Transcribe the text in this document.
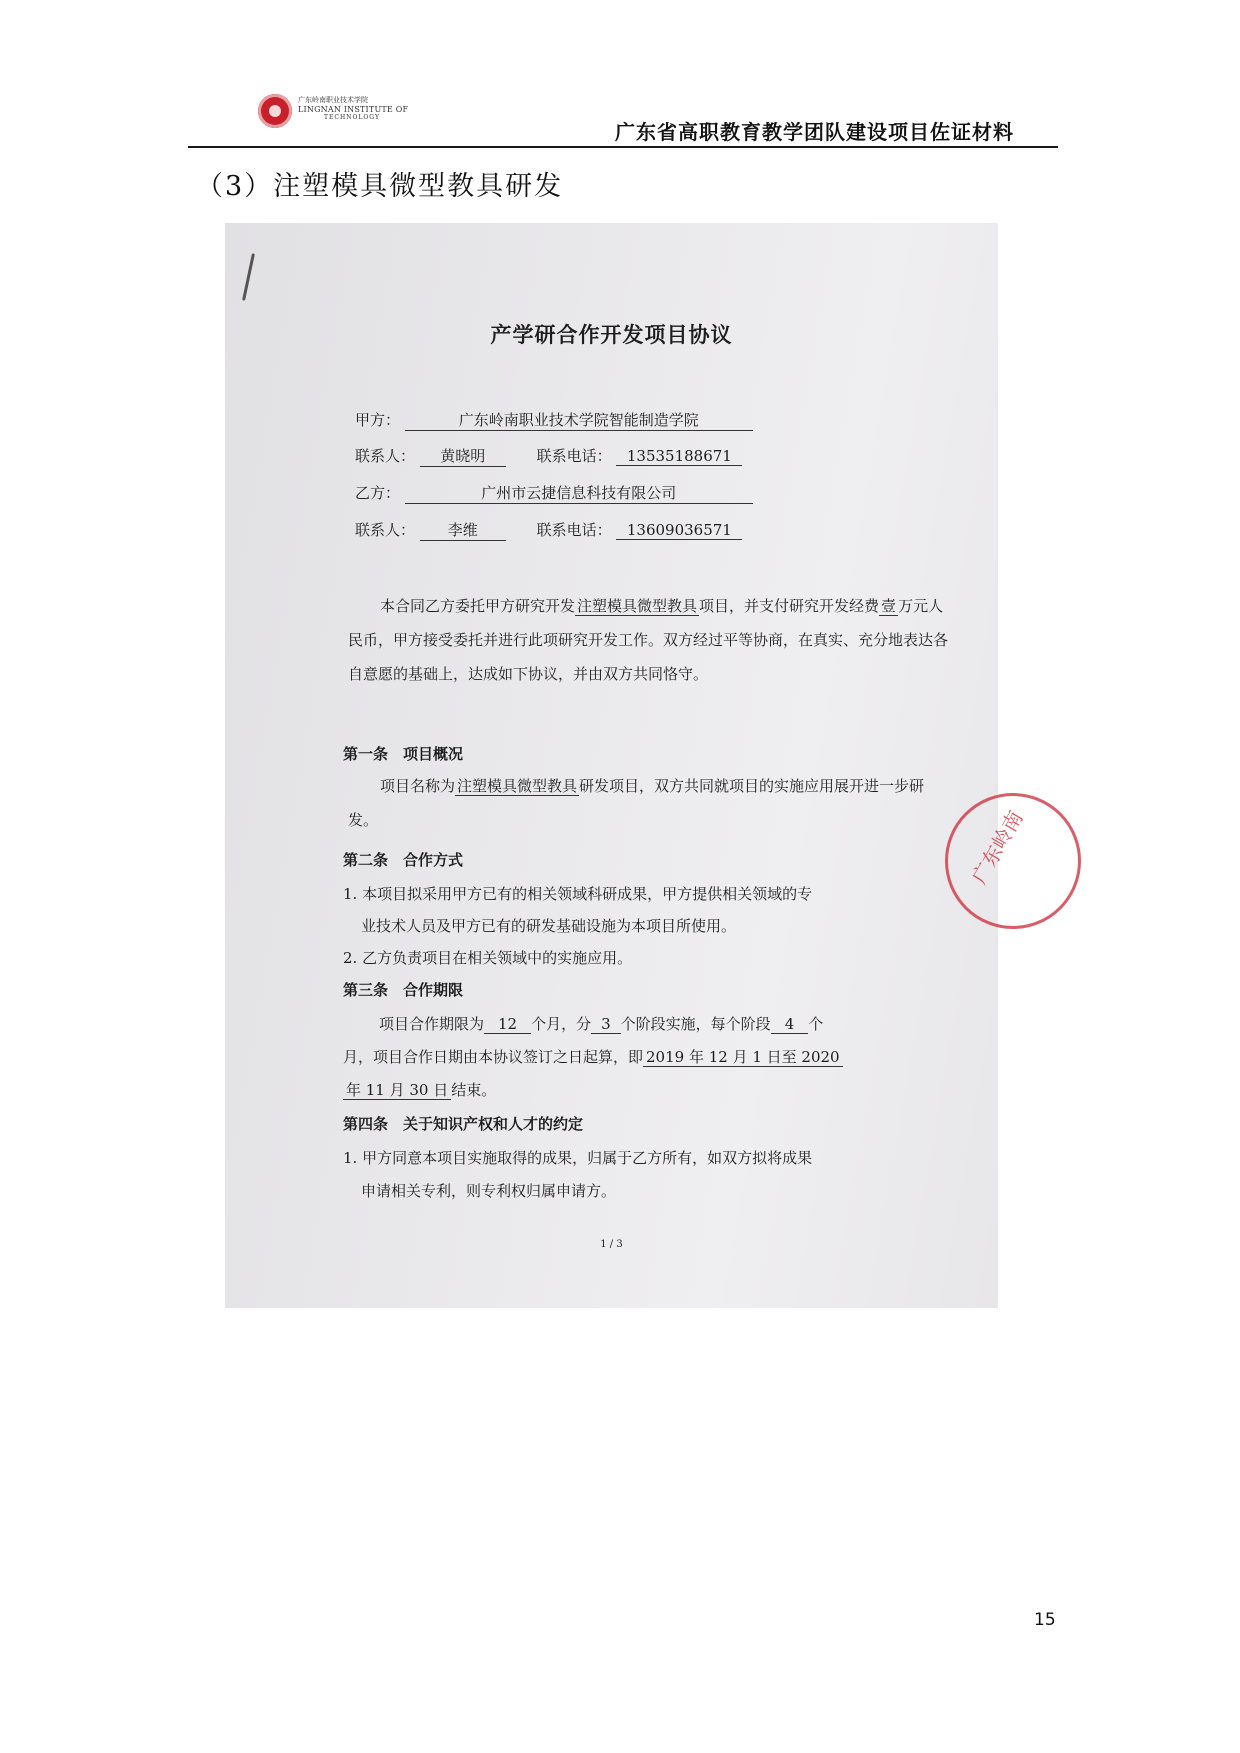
广东岭南职业技术学院
LINGNAN INSTITUTE OF
TECHNOLOGY
广东省高职教育教学团队建设项目佐证材料
（3）注塑模具微型教具研发
产学研合作开发项目协议
甲方：	广东岭南职业技术学院智能制造学院
联系人： 黄晓明	联系电话： 13535188671
乙方：	广州市云捷信息科技有限公司
联系人： 李维	联系电话： 13609036571
本合同乙方委托甲方研究开发 注塑模具微型教具 项目，并支付研究开发经费 壹 万元人民币，甲方接受委托并进行此项研究开发工作。双方经过平等协商，在真实、充分地表达各自意愿的基础上，达成如下协议，并由双方共同恪守。
第一条　项目概况
项目名称为 注塑模具微型教具 研发项目，双方共同就项目的实施应用展开进一步研发。
第二条　合作方式
1. 本项目拟采用甲方已有的相关领域科研成果，甲方提供相关领域的专
业技术人员及甲方已有的研发基础设施为本项目所使用。
2. 乙方负责项目在相关领域中的实施应用。
第三条　合作期限
项目合作期限为 12 个月，分 3 个阶段实施，每个阶段 4 个
月，项目合作日期由本协议签订之日起算，即 2019 年 12 月 1 日至 2020
年 11 月 30 日 结束。
第四条　关于知识产权和人才的约定
1. 甲方同意本项目实施取得的成果，归属于乙方所有，如双方拟将成果
申请相关专利，则专利权归属申请方。
1 / 3
广东岭南
15
